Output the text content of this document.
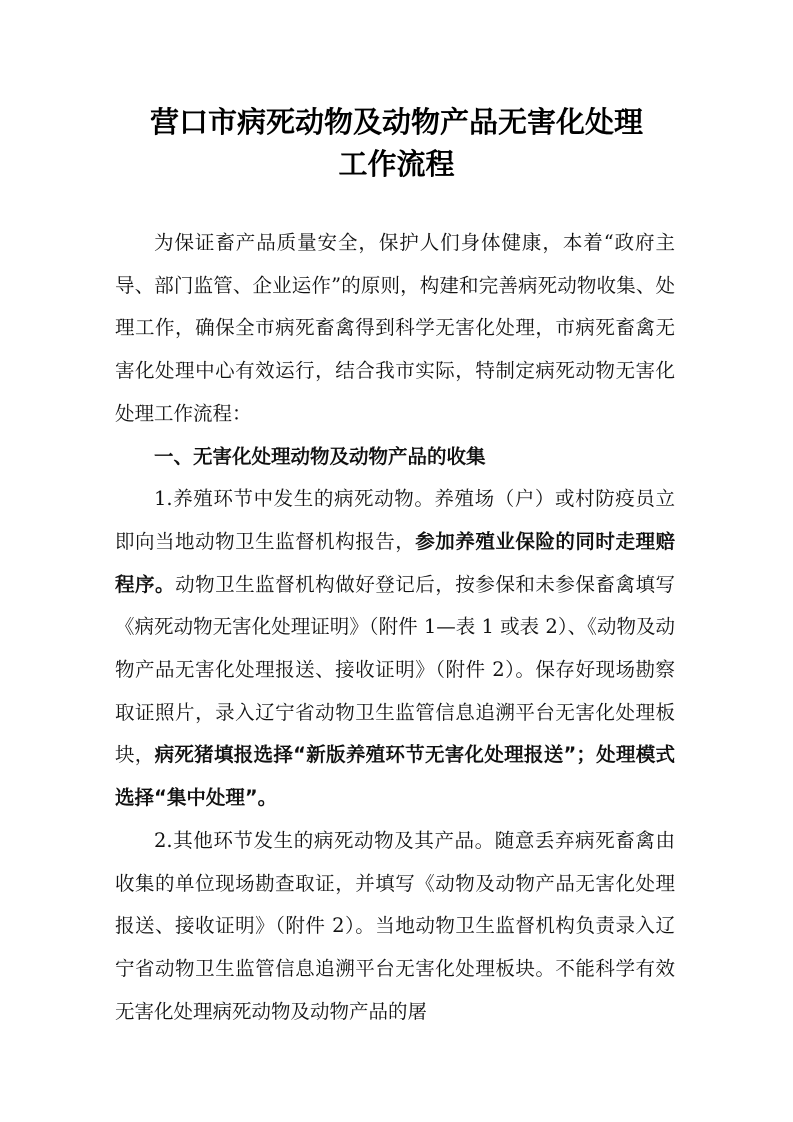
营口市病死动物及动物产品无害化处理
工作流程

为保证畜产品质量安全，保护人们身体健康，本着“政府主导、部门监管、企业运作”的原则，构建和完善病死动物收集、处理工作，确保全市病死畜禽得到科学无害化处理，市病死畜禽无害化处理中心有效运行，结合我市实际，特制定病死动物无害化处理工作流程：

一、无害化处理动物及动物产品的收集

1.养殖环节中发生的病死动物。养殖场（户）或村防疫员立即向当地动物卫生监督机构报告，参加养殖业保险的同时走理赔程序。动物卫生监督机构做好登记后，按参保和未参保畜禽填写《病死动物无害化处理证明》（附件 1—表 1 或表 2）、《动物及动物产品无害化处理报送、接收证明》（附件 2）。保存好现场勘察取证照片，录入辽宁省动物卫生监管信息追溯平台无害化处理板块，病死猪填报选择“新版养殖环节无害化处理报送”；处理模式选择“集中处理”。

2.其他环节发生的病死动物及其产品。随意丢弃病死畜禽由收集的单位现场勘查取证，并填写《动物及动物产品无害化处理报送、接收证明》（附件 2）。当地动物卫生监督机构负责录入辽宁省动物卫生监管信息追溯平台无害化处理板块。不能科学有效无害化处理病死动物及动物产品的屠
